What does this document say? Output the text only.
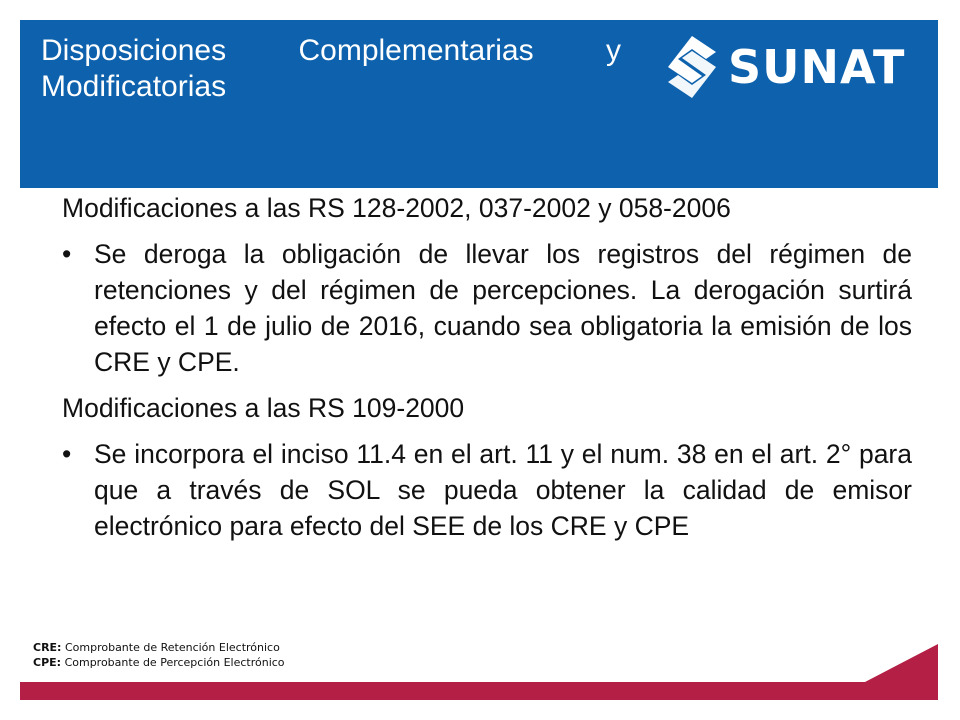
Disposiciones Complementarias y Modificatorias	SUNAT

Modificaciones a las RS 128-2002, 037-2002 y 058-2006

• Se deroga la obligación de llevar los registros del régimen de retenciones y del régimen de percepciones. La derogación surtirá efecto el 1 de julio de 2016, cuando sea obligatoria la emisión de los CRE y CPE.

Modificaciones a las RS 109-2000

• Se incorpora el inciso 11.4 en el art. 11 y el num. 38 en el art. 2° para que a través de SOL se pueda obtener la calidad de emisor electrónico para efecto del SEE de los CRE y CPE

CRE: Comprobante de Retención Electrónico
CPE: Comprobante de Percepción Electrónico
